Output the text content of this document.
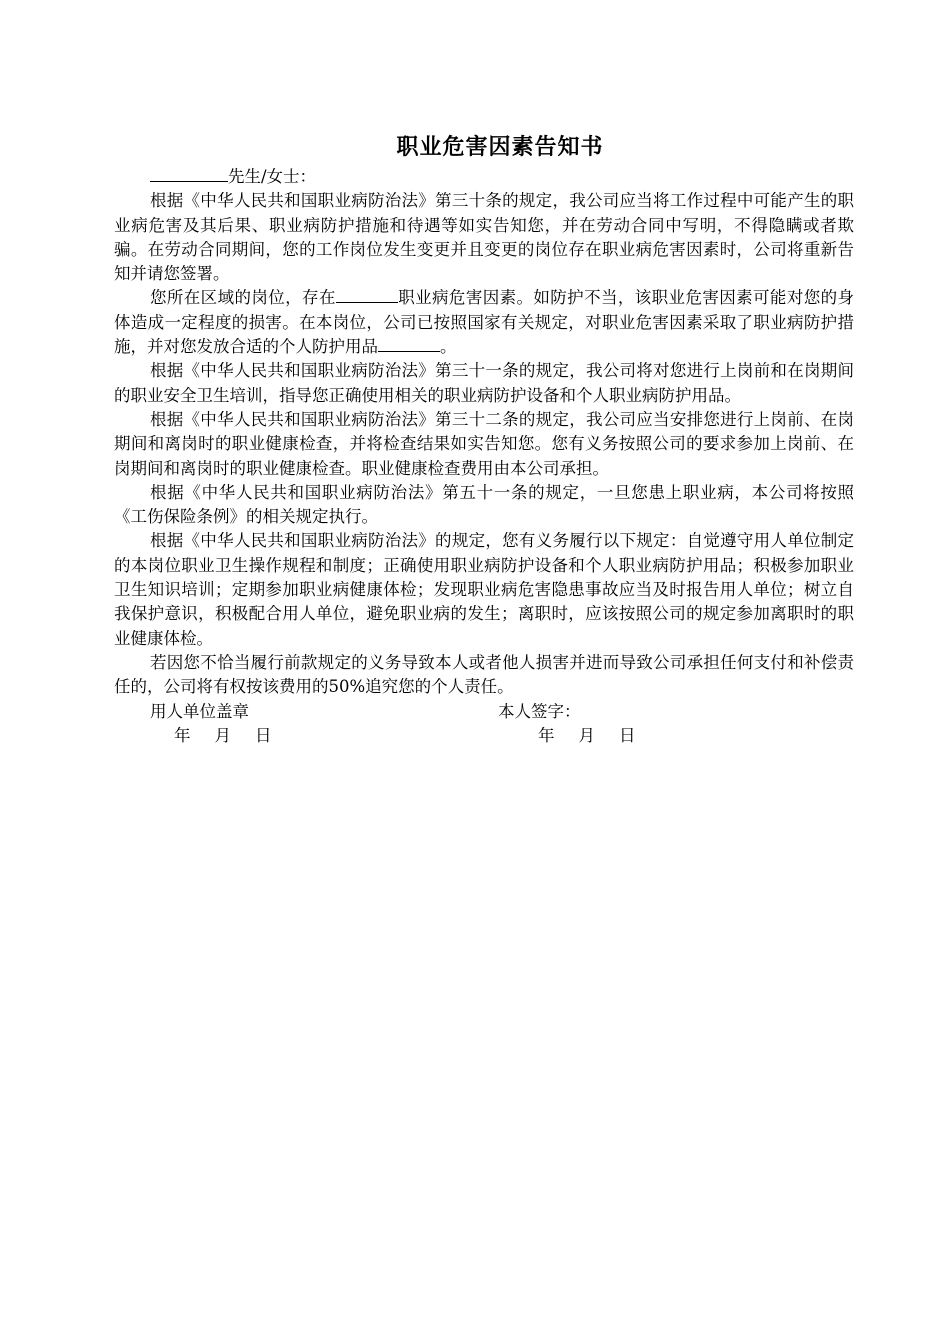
职业危害因素告知书

先生/女士：

根据《中华人民共和国职业病防治法》第三十条的规定，我公司应当将工作过程中可能产生的职业病危害及其后果、职业病防护措施和待遇等如实告知您，并在劳动合同中写明，不得隐瞒或者欺骗。在劳动合同期间，您的工作岗位发生变更并且变更的岗位存在职业病危害因素时，公司将重新告知并请您签署。

您所在区域的岗位，存在	职业病危害因素。如防护不当，该职业危害因素可能对您的身体造成一定程度的损害。在本岗位，公司已按照国家有关规定，对职业危害因素采取了职业病防护措施，并对您发放合适的个人防护用品	。

根据《中华人民共和国职业病防治法》第三十一条的规定，我公司将对您进行上岗前和在岗期间的职业安全卫生培训，指导您正确使用相关的职业病防护设备和个人职业病防护用品。

根据《中华人民共和国职业病防治法》第三十二条的规定，我公司应当安排您进行上岗前、在岗期间和离岗时的职业健康检查，并将检查结果如实告知您。您有义务按照公司的要求参加上岗前、在岗期间和离岗时的职业健康检查。职业健康检查费用由本公司承担。

根据《中华人民共和国职业病防治法》第五十一条的规定，一旦您患上职业病，本公司将按照《工伤保险条例》的相关规定执行。

根据《中华人民共和国职业病防治法》的规定，您有义务履行以下规定：自觉遵守用人单位制定的本岗位职业卫生操作规程和制度；正确使用职业病防护设备和个人职业病防护用品；积极参加职业卫生知识培训；定期参加职业病健康体检；发现职业病危害隐患事故应当及时报告用人单位；树立自我保护意识，积极配合用人单位，避免职业病的发生；离职时，应该按照公司的规定参加离职时的职业健康体检。

若因您不恰当履行前款规定的义务导致本人或者他人损害并进而导致公司承担任何支付和补偿责任的，公司将有权按该费用的50%追究您的个人责任。

用人单位盖章	本人签字：
年 月 日	年 月 日
